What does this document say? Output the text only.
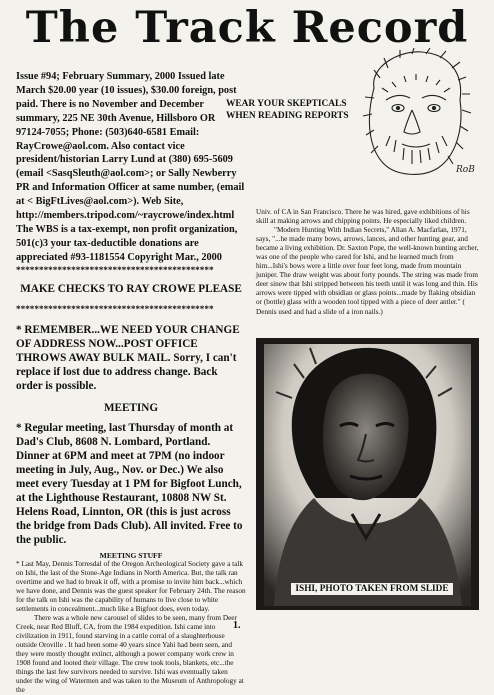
The Track Record

Issue #94; February Summary, 2000 Issued late March $20.00 year (10 issues), $30.00 foreign, post paid. There is no November and December summary, 225 NE 30th Avenue, Hillsboro OR 97124-7055; Phone: (503)640-6581 Email: RayCrowe@aol.com. Also contact vice president/historian Larry Lund at (380) 695-5609 (email <SasqSleuth@aol.com>; or Sally Newberry PR and Information Officer at same number, (email at < BigFtLives@aol.com>). Web Site, http://members.tripod.com/~raycrowe/index.html The WBS is a tax-exempt, non profit organization, 501(c)3 your tax-deductible donations are appreciated #93-1181554 Copyright Mar., 2000

*******************************************

MAKE CHECKS TO RAY CROWE PLEASE

*******************************************

* REMEMBER...WE NEED YOUR CHANGE OF ADDRESS NOW...POST OFFICE THROWS AWAY BULK MAIL. Sorry, I can't replace if lost due to address change. Back order is possible.

MEETING

* Regular meeting, last Thursday of month at Dad's Club, 8608 N. Lombard, Portland. Dinner at 6PM and meet at 7PM (no indoor meeting in July, Aug., Nov. or Dec.) We also meet every Tuesday at 1 PM for Bigfoot Lunch, at the Lighthouse Restaurant, 10808 NW St. Helens Road, Linnton, OR (this is just across the bridge from Dads Club). All invited. Free to the public.

MEETING STUFF

* Last May, Dennis Torresdal of the Oregon Archeological Society gave a talk on Ishi, the last of the Stone-Age Indians in North America. But, the talk ran overtime and we had to break it off, with a promise to invite him back...which we have done, and Dennis was the guest speaker for February 24th. The reason for the talk on Ishi was the capability of humans to live close to white settlements in concealment...much like a Bigfoot does, even today.

There was a whole new carousel of slides to be seen, many from Deer Creek, near Red Bluff, CA, from the 1984 expedition. Ishi came into civilization in 1911, found starving in a cattle corral of a slaughterhouse outside Oroville . It had been some 40 years since Yahi had been seen, and they were mostly thought extinct, although a power company work crew in 1908 found and looted their village. The crew took tools, blankets, etc...the things the last few survivors needed to survive. Ishi was eventually taken under the wing of Watermen and was taken to the Museum of Anthropology at the

WEAR YOUR SKEPTICALS WHEN READING REPORTS
RoB

Univ. of CA in San Francisco. There he was hired, gave exhibitions of his skill at making arrows and chipping points. He especially liked children.

"Modern Hunting With Indian Secrets," Allan A. Macfarlan, 1971, says, "...he made many bows, arrows, lances, and other hunting gear, and became a living exhibition. Dr. Saxton Pope, the well-known hunting archer, was one of the people who cared for Ishi, and he learned much from him...Ishi's bows were a little over four feet long, made from mountain juniper. The draw weight was about forty pounds. The string was made from deer sinew that Ishi stripped between his teeth until it was long and thin. His arrows were tipped with obsidian or glass points...made by flaking obsidian or (bottle) glass with a wooden tool tipped with a piece of deer antler." ( Dennis used and had a slide of a iron nails.)

ISHI, PHOTO TAKEN FROM SLIDE
1.
